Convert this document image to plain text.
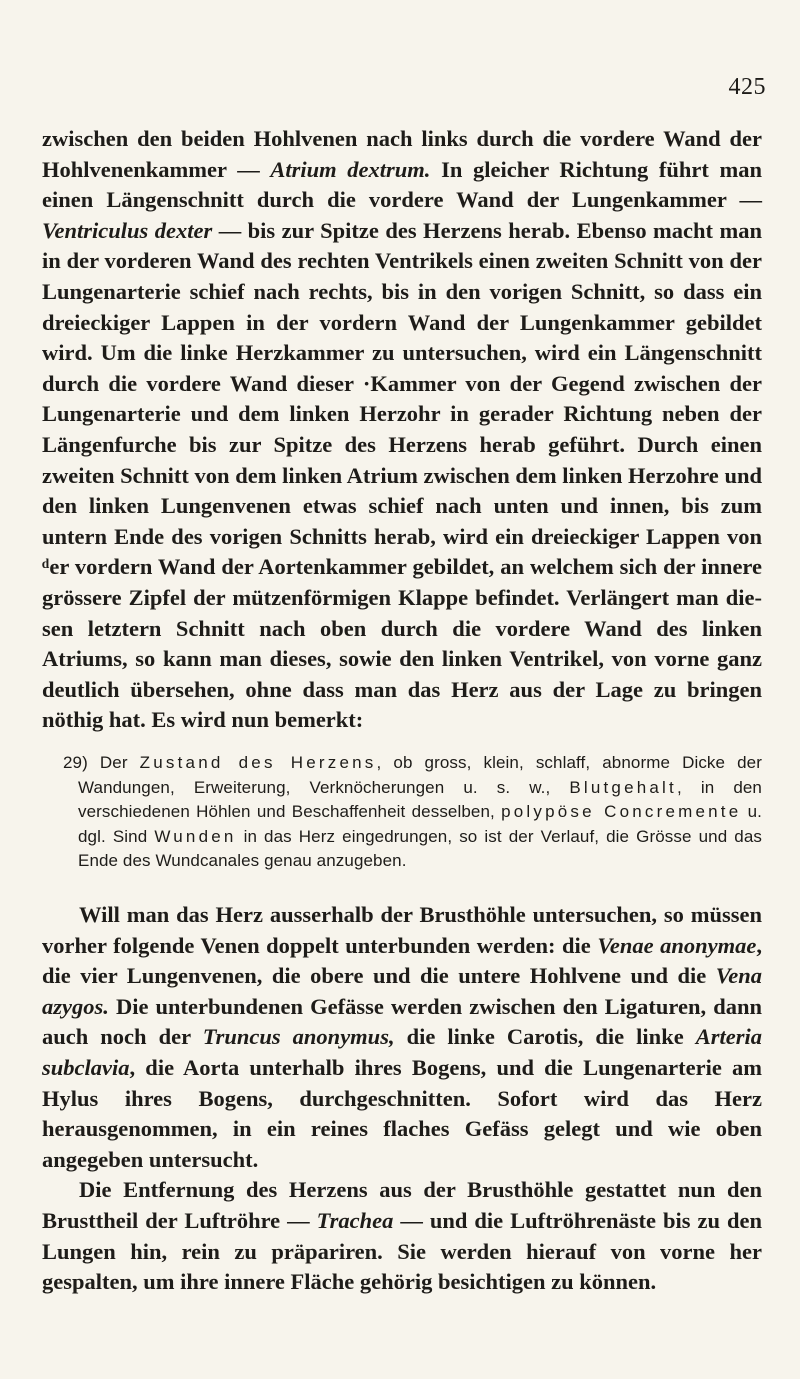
425

zwischen den beiden Hohlvenen nach links durch die vordere Wand der Hohlvenenkammer — Atrium dextrum. In gleicher Richtung führt man einen Längenschnitt durch die vordere Wand der Lungenkammer — Ventriculus dexter — bis zur Spitze des Herzens herab. Ebenso macht man in der vorderen Wand des rechten Ventrikels einen zweiten Schnitt von der Lungenarterie schief nach rechts, bis in den vorigen Schnitt, so dass ein dreieckiger Lappen in der vordern Wand der Lungenkammer gebildet wird. Um die linke Herzkammer zu untersuchen, wird ein Längenschnitt durch die vordere Wand dieser ·Kammer von der Gegend zwischen der Lungenarterie und dem linken Herzohr in gerader Richtung neben der Längenfurche bis zur Spitze des Herzens herab geführt. Durch einen zweiten Schnitt von dem linken Atrium zwischen dem linken Herzohre und den linken Lungenvenen etwas schief nach unten und innen, bis zum untern Ende des vorigen Schnitts herab, wird ein dreieckiger Lappen von ᵈer vordern Wand der Aortenkammer gebildet, an welchem sich der innere grössere Zipfel der mützenförmigen Klappe befindet. Verlängert man diesen letztern Schnitt nach oben durch die vordere Wand des linken Atriums, so kann man dieses, sowie den linken Ventrikel, von vorne ganz deutlich übersehen, ohne dass man das Herz aus der Lage zu bringen nöthig hat. Es wird nun bemerkt:

29) Der Zustand des Herzens, ob gross, klein, schlaff, abnorme Dicke der Wandungen, Erweiterung, Verknöcherungen u. s. w., Blutgehalt, in den verschiedenen Höhlen und Beschaffenheit desselben, polypöse Concremente u. dgl. Sind Wunden in das Herz eingedrungen, so ist der Verlauf, die Grösse und das Ende des Wundcanales genau anzugeben.

Will man das Herz ausserhalb der Brusthöhle untersuchen, so müssen vorher folgende Venen doppelt unterbunden werden: die Venae anonymae, die vier Lungenvenen, die obere und die untere Hohlvene und die Vena azygos. Die unterbundenen Gefässe werden zwischen den Ligaturen, dann auch noch der Truncus anonymus, die linke Carotis, die linke Arteria subclavia, die Aorta unterhalb ihres Bogens, und die Lungenarterie am Hylus ihres Bogens, durchgeschnitten. Sofort wird das Herz herausgenommen, in ein reines flaches Gefäss gelegt und wie oben angegeben untersucht.

Die Entfernung des Herzens aus der Brusthöhle gestattet nun den Brusttheil der Luftröhre — Trachea — und die Luftröhrenäste bis zu den Lungen hin, rein zu präpariren. Sie werden hierauf von vorne her gespalten, um ihre innere Fläche gehörig besichtigen zu können.
